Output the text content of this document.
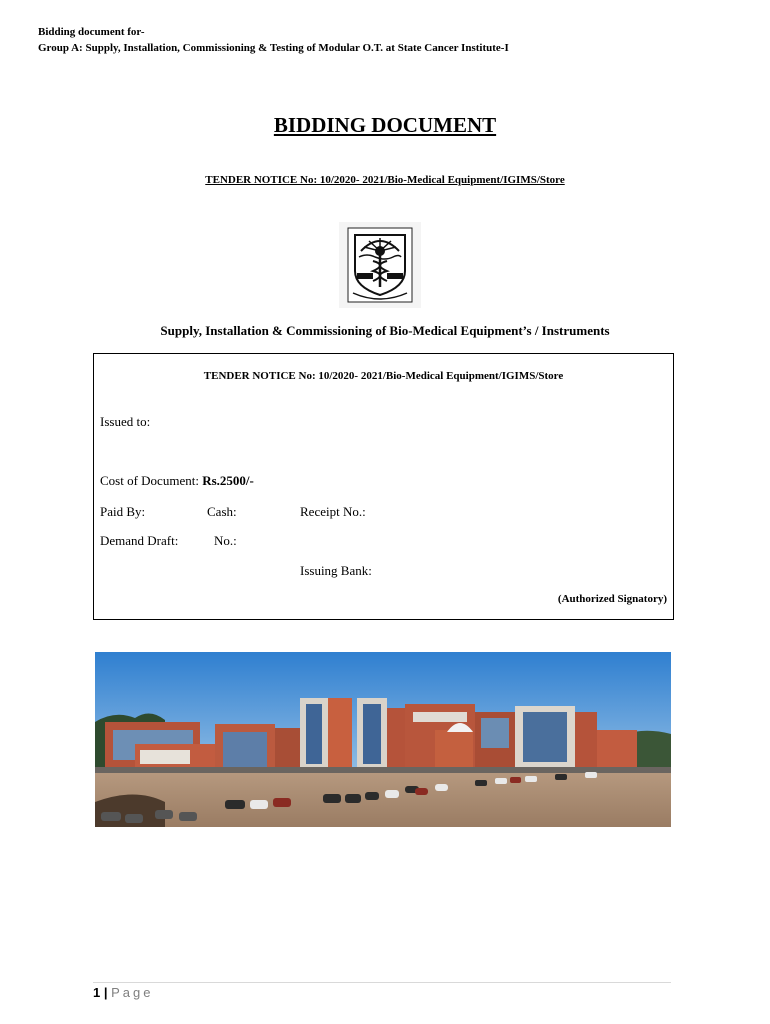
Bidding document for-
Group A: Supply, Installation, Commissioning & Testing of Modular O.T. at State Cancer Institute-I
BIDDING DOCUMENT
TENDER NOTICE No: 10/2020- 2021/Bio-Medical Equipment/IGIMS/Store
Supply, Installation & Commissioning of Bio-Medical Equipment’s / Instruments
TENDER NOTICE No: 10/2020- 2021/Bio-Medical Equipment/IGIMS/Store
Issued to:
Cost of Document: Rs.2500/-
Paid By:	Cash:	Receipt No.:
Demand Draft:	No.:
Issuing Bank:
(Authorized Signatory)
1 | Page
